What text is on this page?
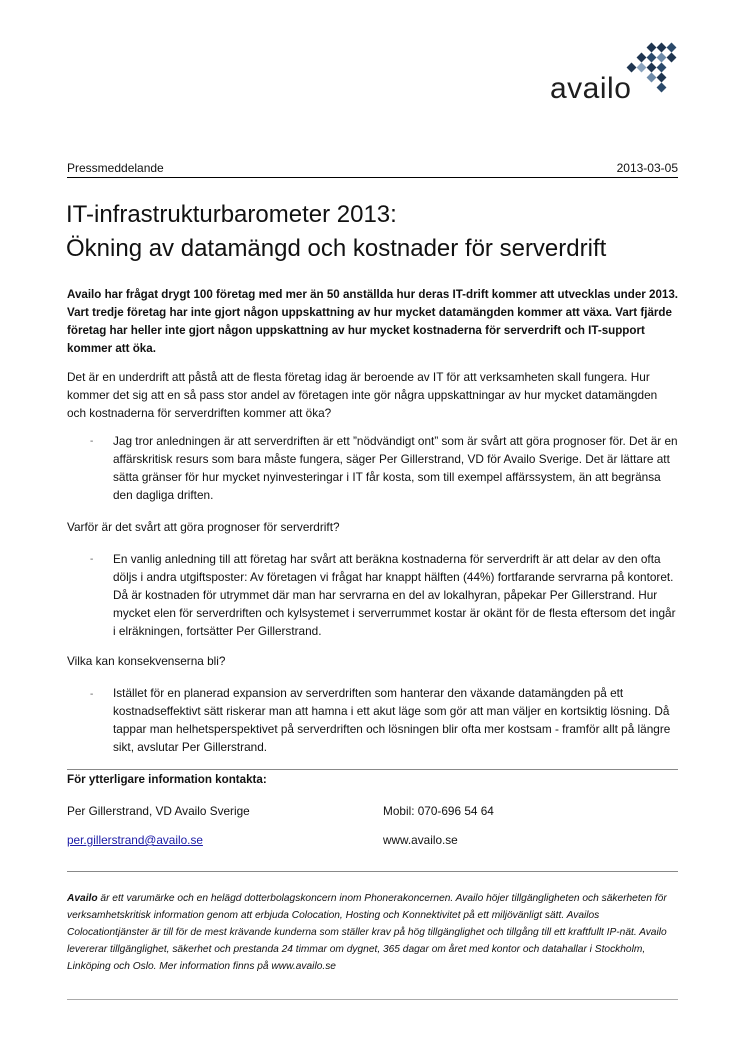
availo
Pressmeddelande	2013-03-05
IT-infrastrukturbarometer 2013:
Ökning av datamängd och kostnader för serverdrift

Availo har frågat drygt 100 företag med mer än 50 anställda hur deras IT-drift kommer att utvecklas under 2013. Vart tredje företag har inte gjort någon uppskattning av hur mycket datamängden kommer att växa. Vart fjärde företag har heller inte gjort någon uppskattning av hur mycket kostnaderna för serverdrift och IT-support kommer att öka.

Det är en underdrift att påstå att de flesta företag idag är beroende av IT för att verksamheten skall fungera. Hur kommer det sig att en så pass stor andel av företagen inte gör några uppskattningar av hur mycket datamängden och kostnaderna för serverdriften kommer att öka?

- Jag tror anledningen är att serverdriften är ett ”nödvändigt ont” som är svårt att göra prognoser för. Det är en affärskritisk resurs som bara måste fungera, säger Per Gillerstrand, VD för Availo Sverige. Det är lättare att sätta gränser för hur mycket nyinvesteringar i IT får kosta, som till exempel affärssystem, än att begränsa den dagliga driften.

Varför är det svårt att göra prognoser för serverdrift?

- En vanlig anledning till att företag har svårt att beräkna kostnaderna för serverdrift är att delar av den ofta döljs i andra utgiftsposter: Av företagen vi frågat har knappt hälften (44%) fortfarande servrarna på kontoret. Då är kostnaden för utrymmet där man har servrarna en del av lokalhyran, påpekar Per Gillerstrand. Hur mycket elen för serverdriften och kylsystemet i serverrummet kostar är okänt för de flesta eftersom det ingår i elräkningen, fortsätter Per Gillerstrand.

Vilka kan konsekvenserna bli?

- Istället för en planerad expansion av serverdriften som hanterar den växande datamängden på ett kostnadseffektivt sätt riskerar man att hamna i ett akut läge som gör att man väljer en kortsiktig lösning. Då tappar man helhetsperspektivet på serverdriften och lösningen blir ofta mer kostsam - framför allt på längre sikt, avslutar Per Gillerstrand.

För ytterligare information kontakta:
Per Gillerstrand, VD Availo Sverige	Mobil: 070-696 54 64
per.gillerstrand@availo.se	www.availo.se

Availo är ett varumärke och en helägd dotterbolagskoncern inom Phonerakoncernen. Availo höjer tillgängligheten och säkerheten för verksamhetskritisk information genom att erbjuda Colocation, Hosting och Konnektivitet på ett miljövänligt sätt. Availos Colocationtjänster är till för de mest krävande kunderna som ställer krav på hög tillgänglighet och tillgång till ett kraftfullt IP-nät. Availo levererar tillgänglighet, säkerhet och prestanda 24 timmar om dygnet, 365 dagar om året med kontor och datahallar i Stockholm, Linköping och Oslo. Mer information finns på www.availo.se
